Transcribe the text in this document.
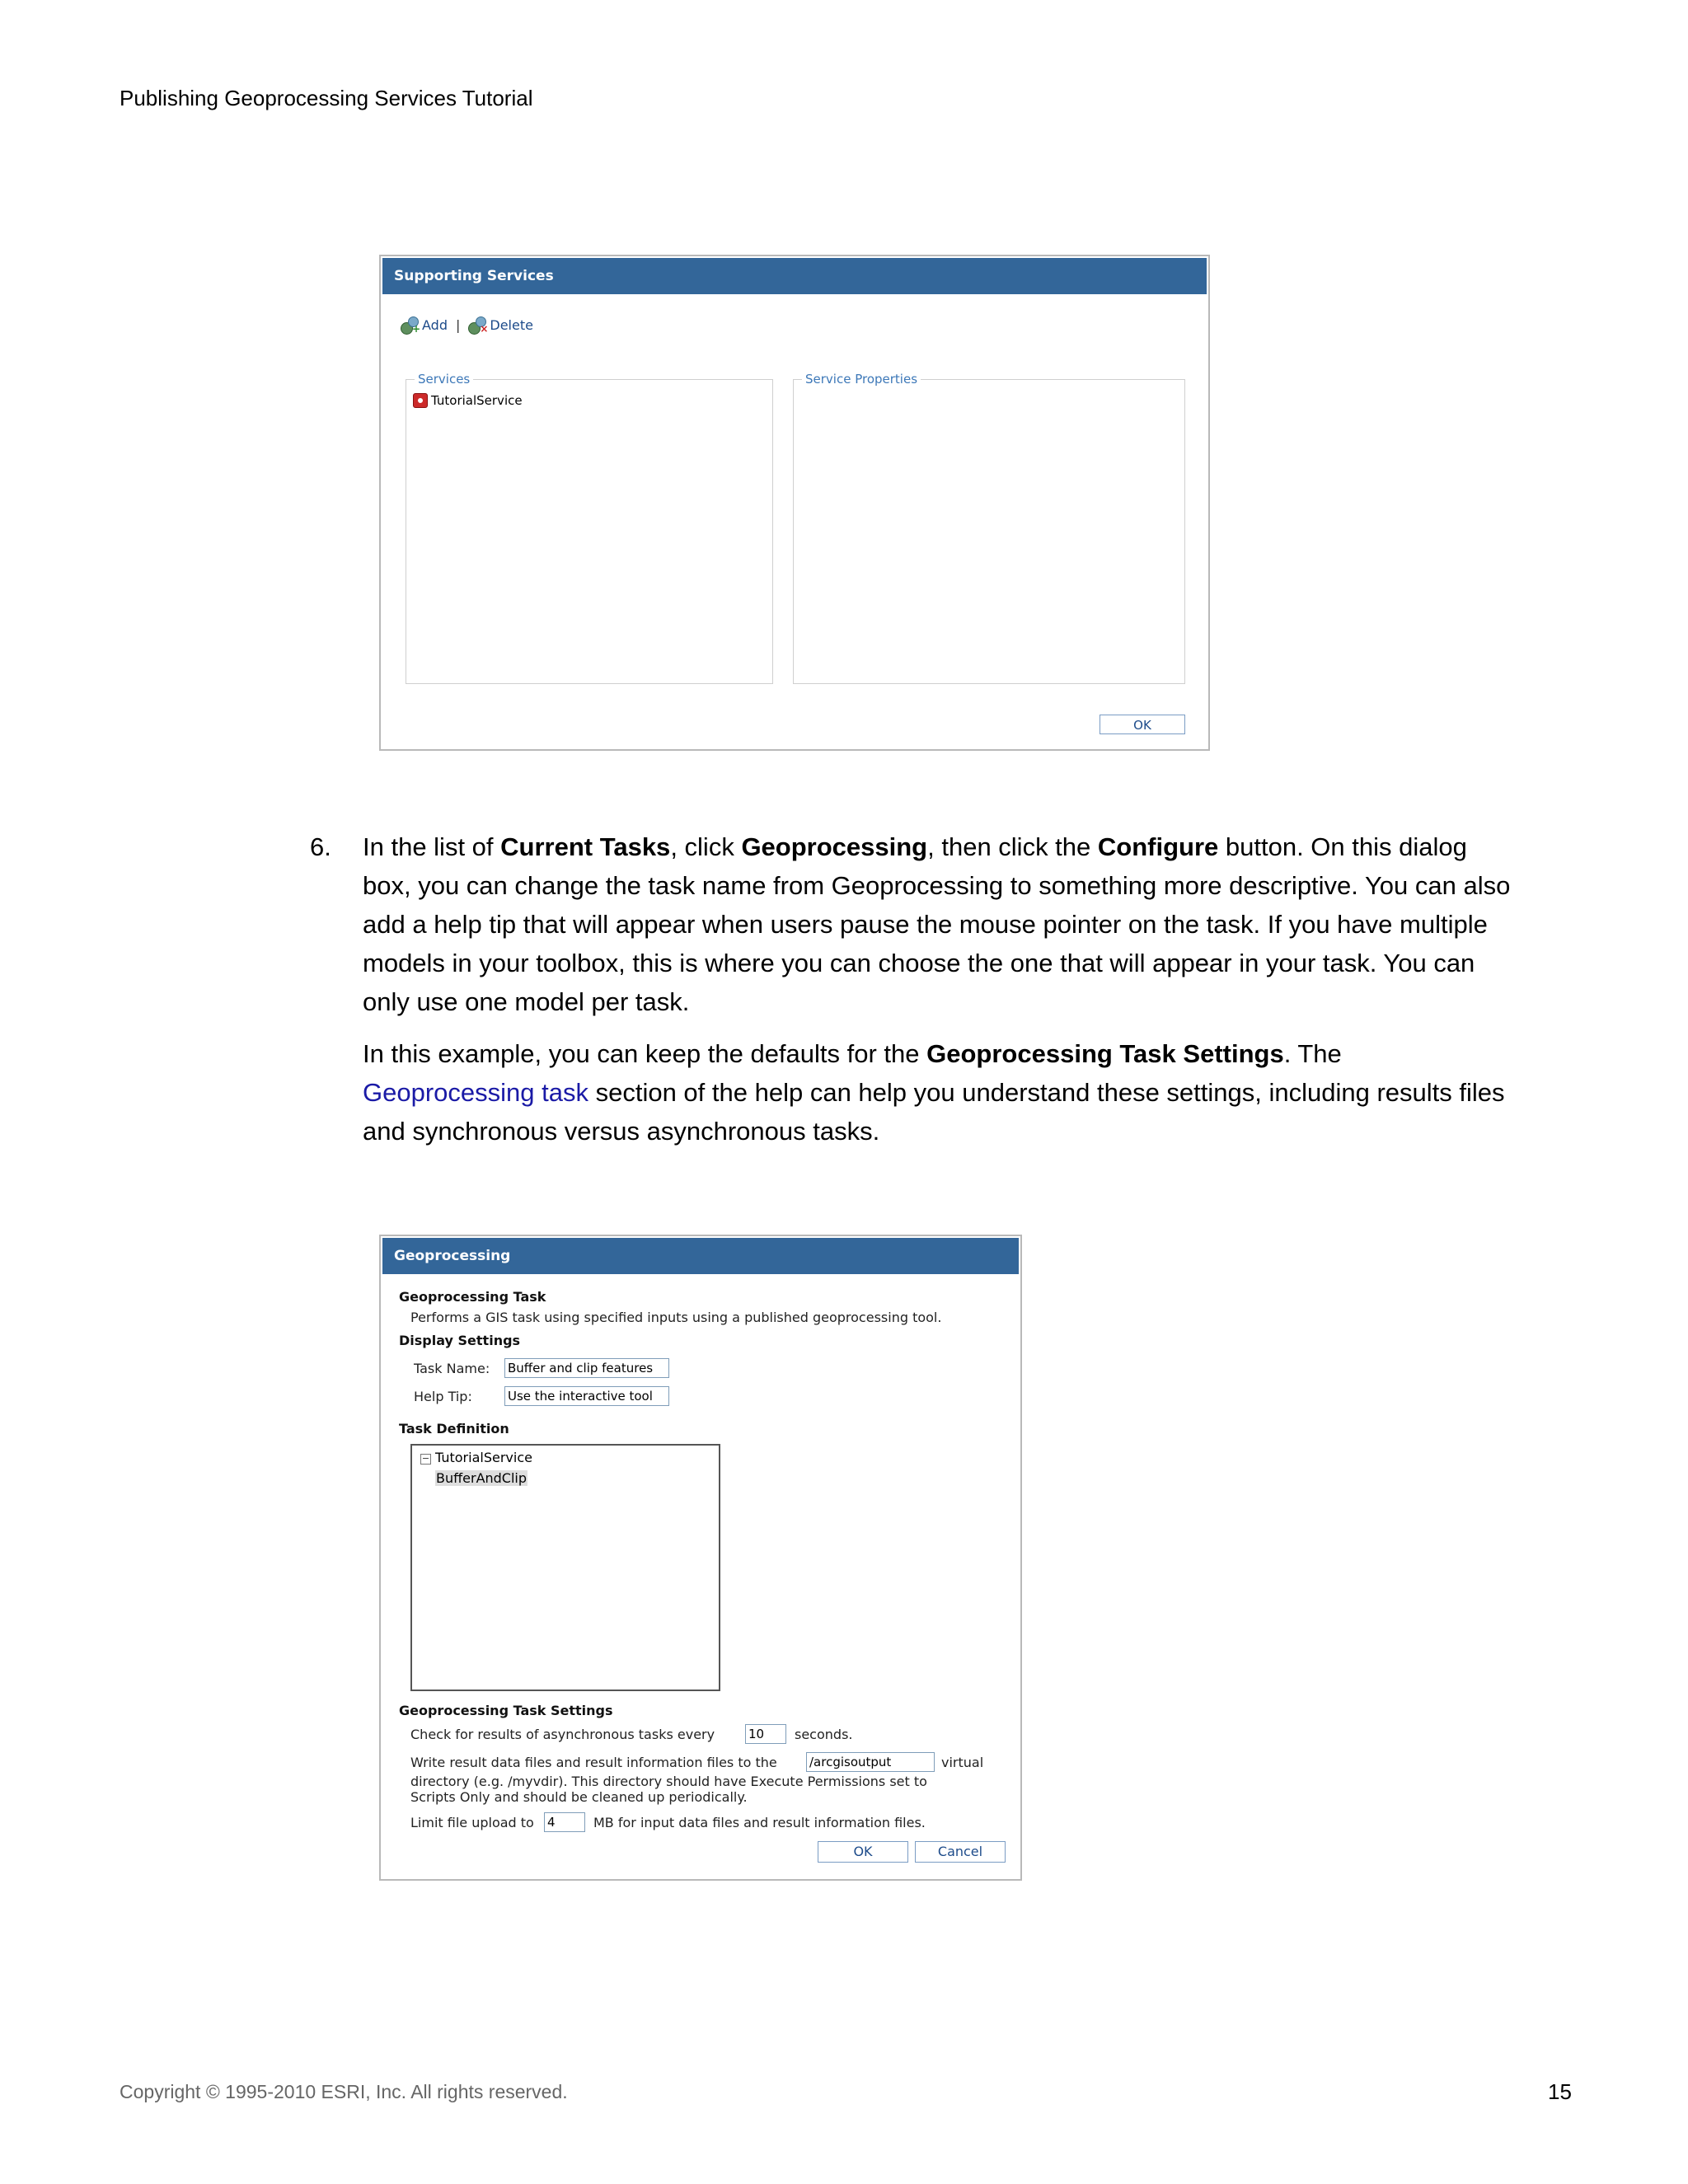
Publishing Geoprocessing Services Tutorial
Supporting Services
+ Add | × Delete
Services
TutorialService
Service Properties
OK
6. In the list of Current Tasks, click Geoprocessing, then click the Configure button. On this dialog box, you can change the task name from Geoprocessing to something more descriptive. You can also add a help tip that will appear when users pause the mouse pointer on the task. If you have multiple models in your toolbox, this is where you can choose the one that will appear in your task. You can only use one model per task.
In this example, you can keep the defaults for the Geoprocessing Task Settings. The Geoprocessing task section of the help can help you understand these settings, including results files and synchronous versus asynchronous tasks.
Geoprocessing
Geoprocessing Task
Performs a GIS task using specified inputs using a published geoprocessing tool.
Display Settings
Task Name: Buffer and clip features
Help Tip:	Use the interactive tool
Task Definition
− TutorialService
BufferAndClip
Geoprocessing Task Settings
Check for results of asynchronous tasks every	10	seconds.
Write result data files and result information files to the	/arcgisoutput	virtual
directory (e.g. /myvdir). This directory should have Execute Permissions set to
Scripts Only and should be cleaned up periodically.
Limit file upload to 4	MB for input data files and result information files.
OK	Cancel
Copyright © 1995-2010 ESRI, Inc. All rights reserved.	15
